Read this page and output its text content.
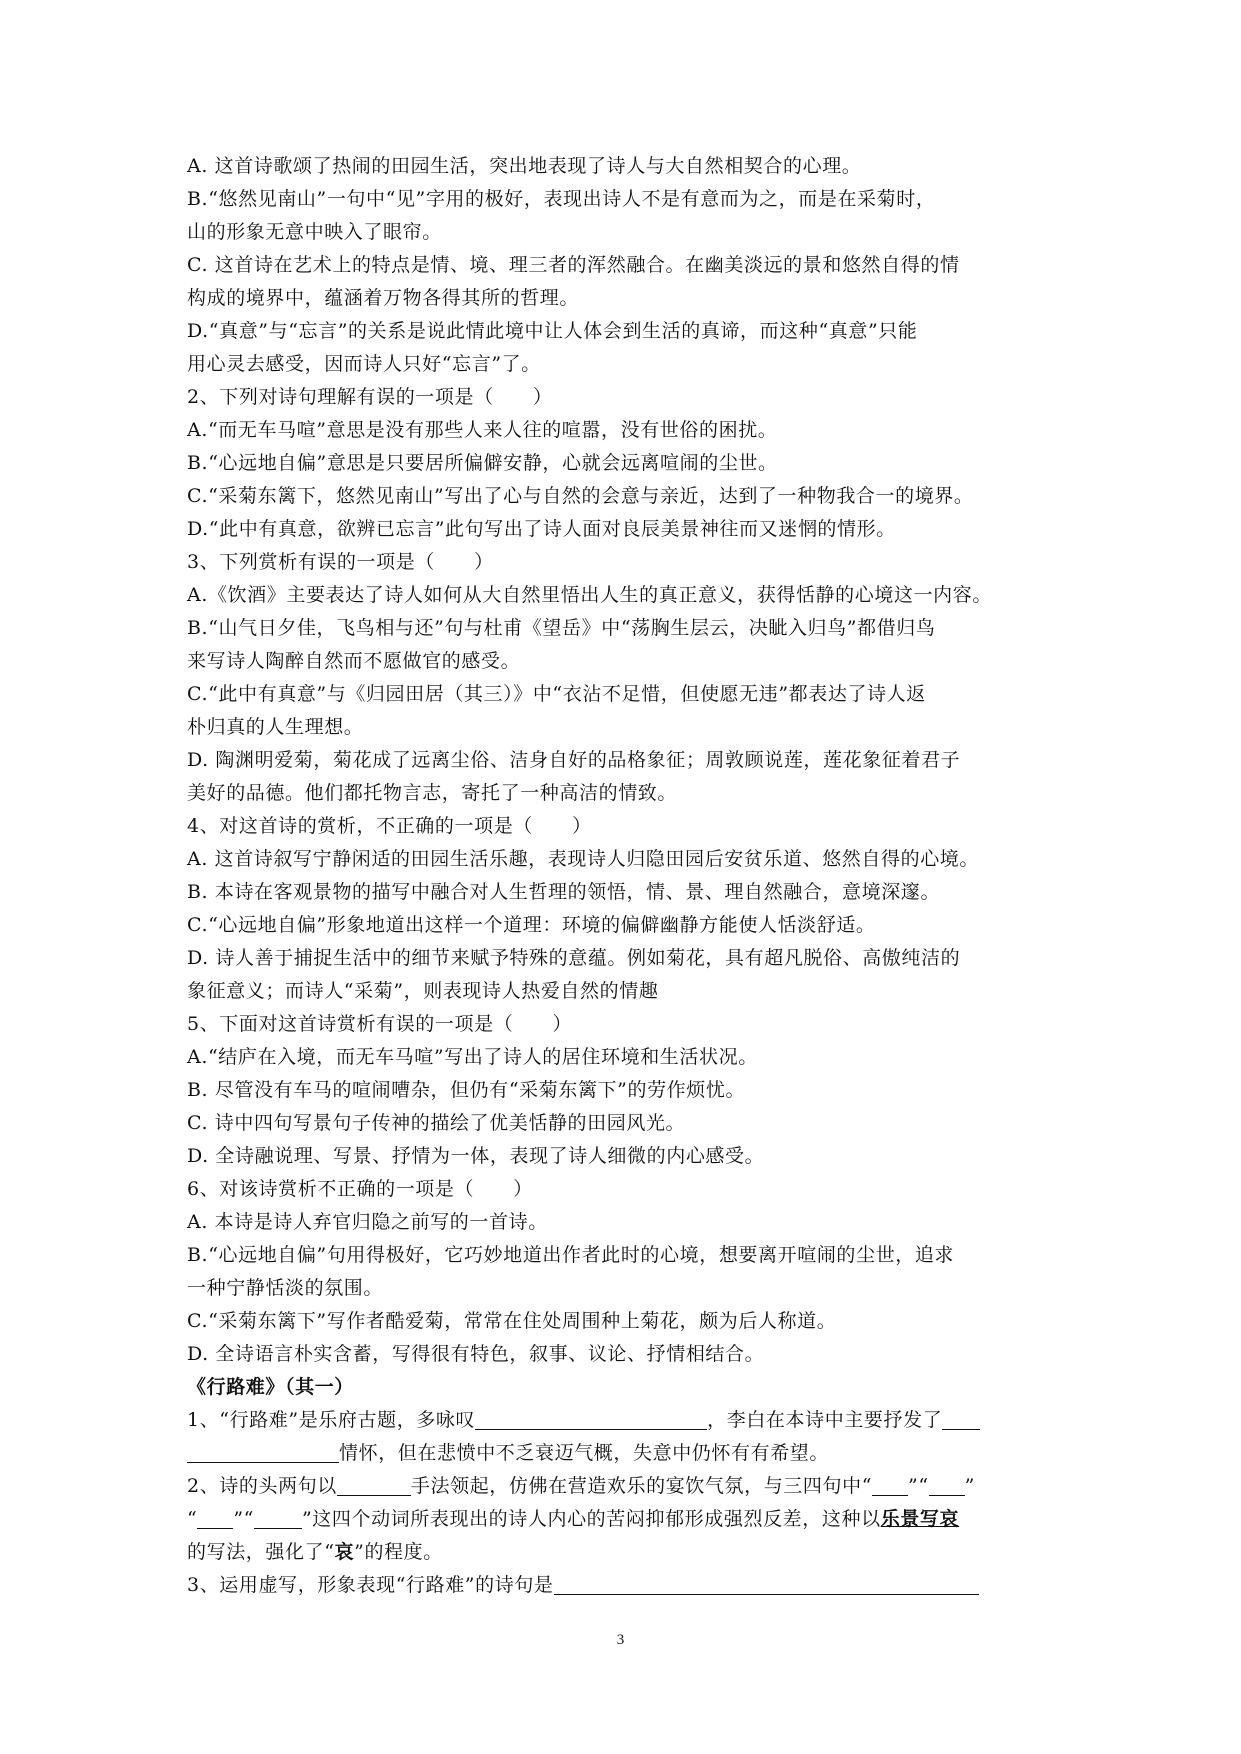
A. 这首诗歌颂了热闹的田园生活，突出地表现了诗人与大自然相契合的心理。
B.“悠然见南山”一句中“见”字用的极好，表现出诗人不是有意而为之，而是在采菊时，
山的形象无意中映入了眼帘。
C. 这首诗在艺术上的特点是情、境、理三者的浑然融合。在幽美淡远的景和悠然自得的情
构成的境界中，蕴涵着万物各得其所的哲理。
D.“真意”与“忘言”的关系是说此情此境中让人体会到生活的真谛，而这种“真意”只能
用心灵去感受，因而诗人只好“忘言”了。
2、下列对诗句理解有误的一项是（　　）
A.“而无车马喧”意思是没有那些人来人往的喧嚣，没有世俗的困扰。
B.“心远地自偏”意思是只要居所偏僻安静，心就会远离喧闹的尘世。
C.“采菊东篱下，悠然见南山”写出了心与自然的会意与亲近，达到了一种物我合一的境界。
D.“此中有真意，欲辨已忘言”此句写出了诗人面对良辰美景神往而又迷惘的情形。
3、下列赏析有误的一项是（　　）
A.《饮酒》主要表达了诗人如何从大自然里悟出人生的真正意义，获得恬静的心境这一内容。
B.“山气日夕佳，飞鸟相与还”句与杜甫《望岳》中“荡胸生层云，决眦入归鸟”都借归鸟
来写诗人陶醉自然而不愿做官的感受。
C.“此中有真意”与《归园田居（其三）》中“衣沾不足惜，但使愿无违”都表达了诗人返
朴归真的人生理想。
D. 陶渊明爱菊，菊花成了远离尘俗、洁身自好的品格象征；周敦顾说莲，莲花象征着君子
美好的品德。他们都托物言志，寄托了一种高洁的情致。
4、对这首诗的赏析，不正确的一项是（　　）
A. 这首诗叙写宁静闲适的田园生活乐趣，表现诗人归隐田园后安贫乐道、悠然自得的心境。
B. 本诗在客观景物的描写中融合对人生哲理的领悟，情、景、理自然融合，意境深邃。
C.“心远地自偏”形象地道出这样一个道理：环境的偏僻幽静方能使人恬淡舒适。
D. 诗人善于捕捉生活中的细节来赋予特殊的意蕴。例如菊花，具有超凡脱俗、高傲纯洁的
象征意义；而诗人“采菊”，则表现诗人热爱自然的情趣
5、下面对这首诗赏析有误的一项是（　　）
A.“结庐在入境，而无车马喧”写出了诗人的居住环境和生活状况。
B. 尽管没有车马的喧闹嘈杂，但仍有“采菊东篱下”的劳作烦忧。
C. 诗中四句写景句子传神的描绘了优美恬静的田园风光。
D. 全诗融说理、写景、抒情为一体，表现了诗人细微的内心感受。
6、对该诗赏析不正确的一项是（　　）
A. 本诗是诗人弃官归隐之前写的一首诗。
B.“心远地自偏”句用得极好，它巧妙地道出作者此时的心境，想要离开喧闹的尘世，追求
一种宁静恬淡的氛围。
C.“采菊东篱下”写作者酷爱菊，常常在住处周围种上菊花，颇为后人称道。
D. 全诗语言朴实含蓄，写得很有特色，叙事、议论、抒情相结合。
《行路难》（其一）
1、“行路难”是乐府古题，多咏叹	，李白在本诗中主要抒发了
情怀，但在悲愤中不乏衰迈气概，失意中仍怀有有希望。
2、诗的头两句以	手法领起，仿佛在营造欢乐的宴饮气氛，与三四句中“ ”“ ”
“ ”“	”这四个动词所表现出的诗人内心的苦闷抑郁形成强烈反差，这种以乐景写哀
的写法，强化了“哀”的程度。
3、运用虚写，形象表现“行路难”的诗句是
3
